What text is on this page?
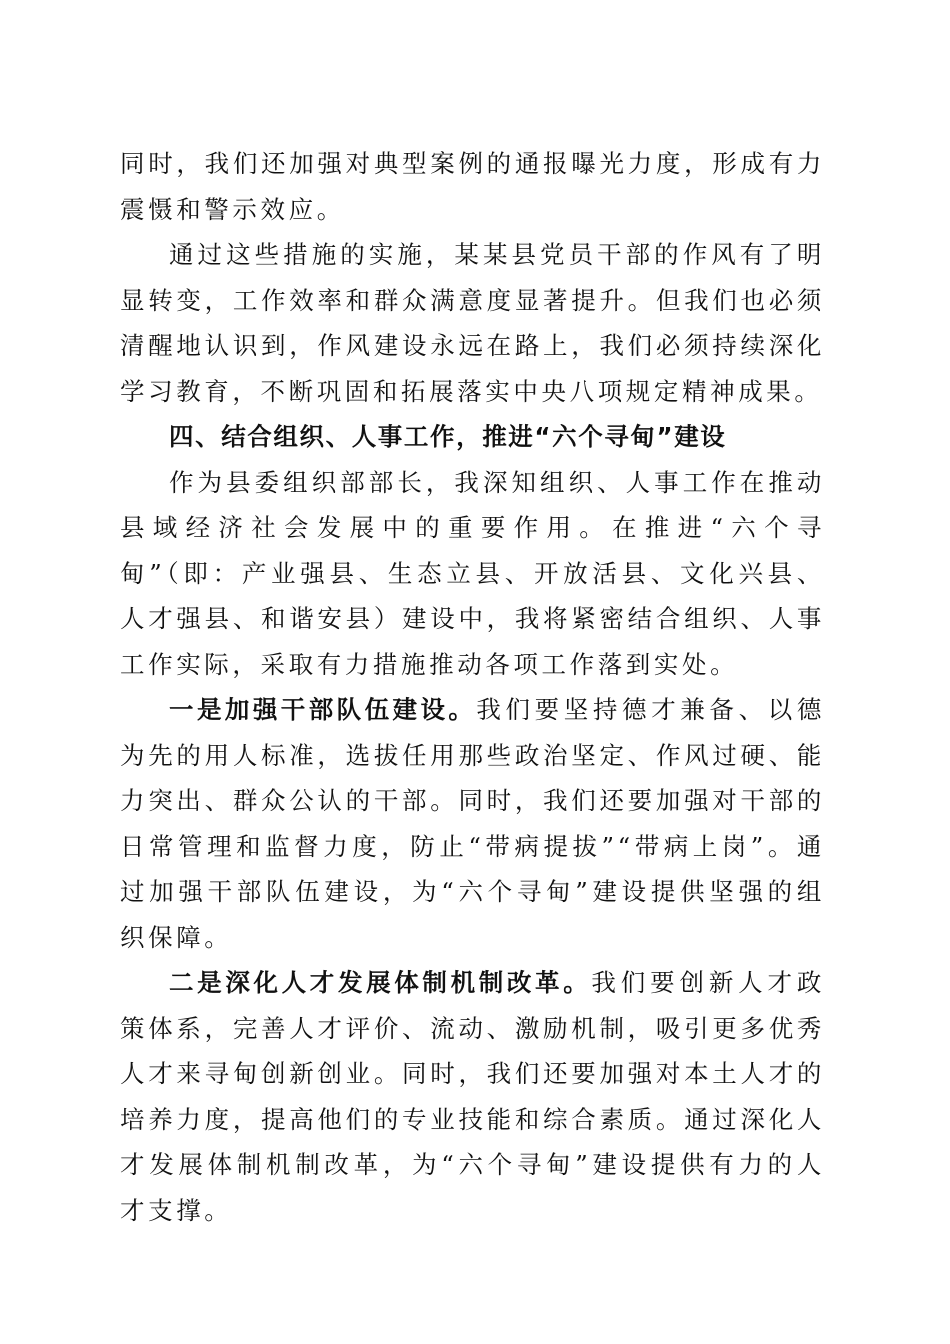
同时，我们还加强对典型案例的通报曝光力度，形成有力震慑和警示效应。

通过这些措施的实施，某某县党员干部的作风有了明显转变，工作效率和群众满意度显著提升。但我们也必须清醒地认识到，作风建设永远在路上，我们必须持续深化学习教育，不断巩固和拓展落实中央八项规定精神成果。

四、结合组织、人事工作，推进“六个寻甸”建设

作为县委组织部部长，我深知组织、人事工作在推动县域经济社会发展中的重要作用。在推进“六个寻甸”（即：产业强县、生态立县、开放活县、文化兴县、人才强县、和谐安县）建设中，我将紧密结合组织、人事工作实际，采取有力措施推动各项工作落到实处。

一是加强干部队伍建设。我们要坚持德才兼备、以德为先的用人标准，选拔任用那些政治坚定、作风过硬、能力突出、群众公认的干部。同时，我们还要加强对干部的日常管理和监督力度，防止“带病提拔”“带病上岗”。通过加强干部队伍建设，为“六个寻甸”建设提供坚强的组织保障。

二是深化人才发展体制机制改革。我们要创新人才政策体系，完善人才评价、流动、激励机制，吸引更多优秀人才来寻甸创新创业。同时，我们还要加强对本土人才的培养力度，提高他们的专业技能和综合素质。通过深化人才发展体制机制改革，为“六个寻甸”建设提供有力的人才支撑。
